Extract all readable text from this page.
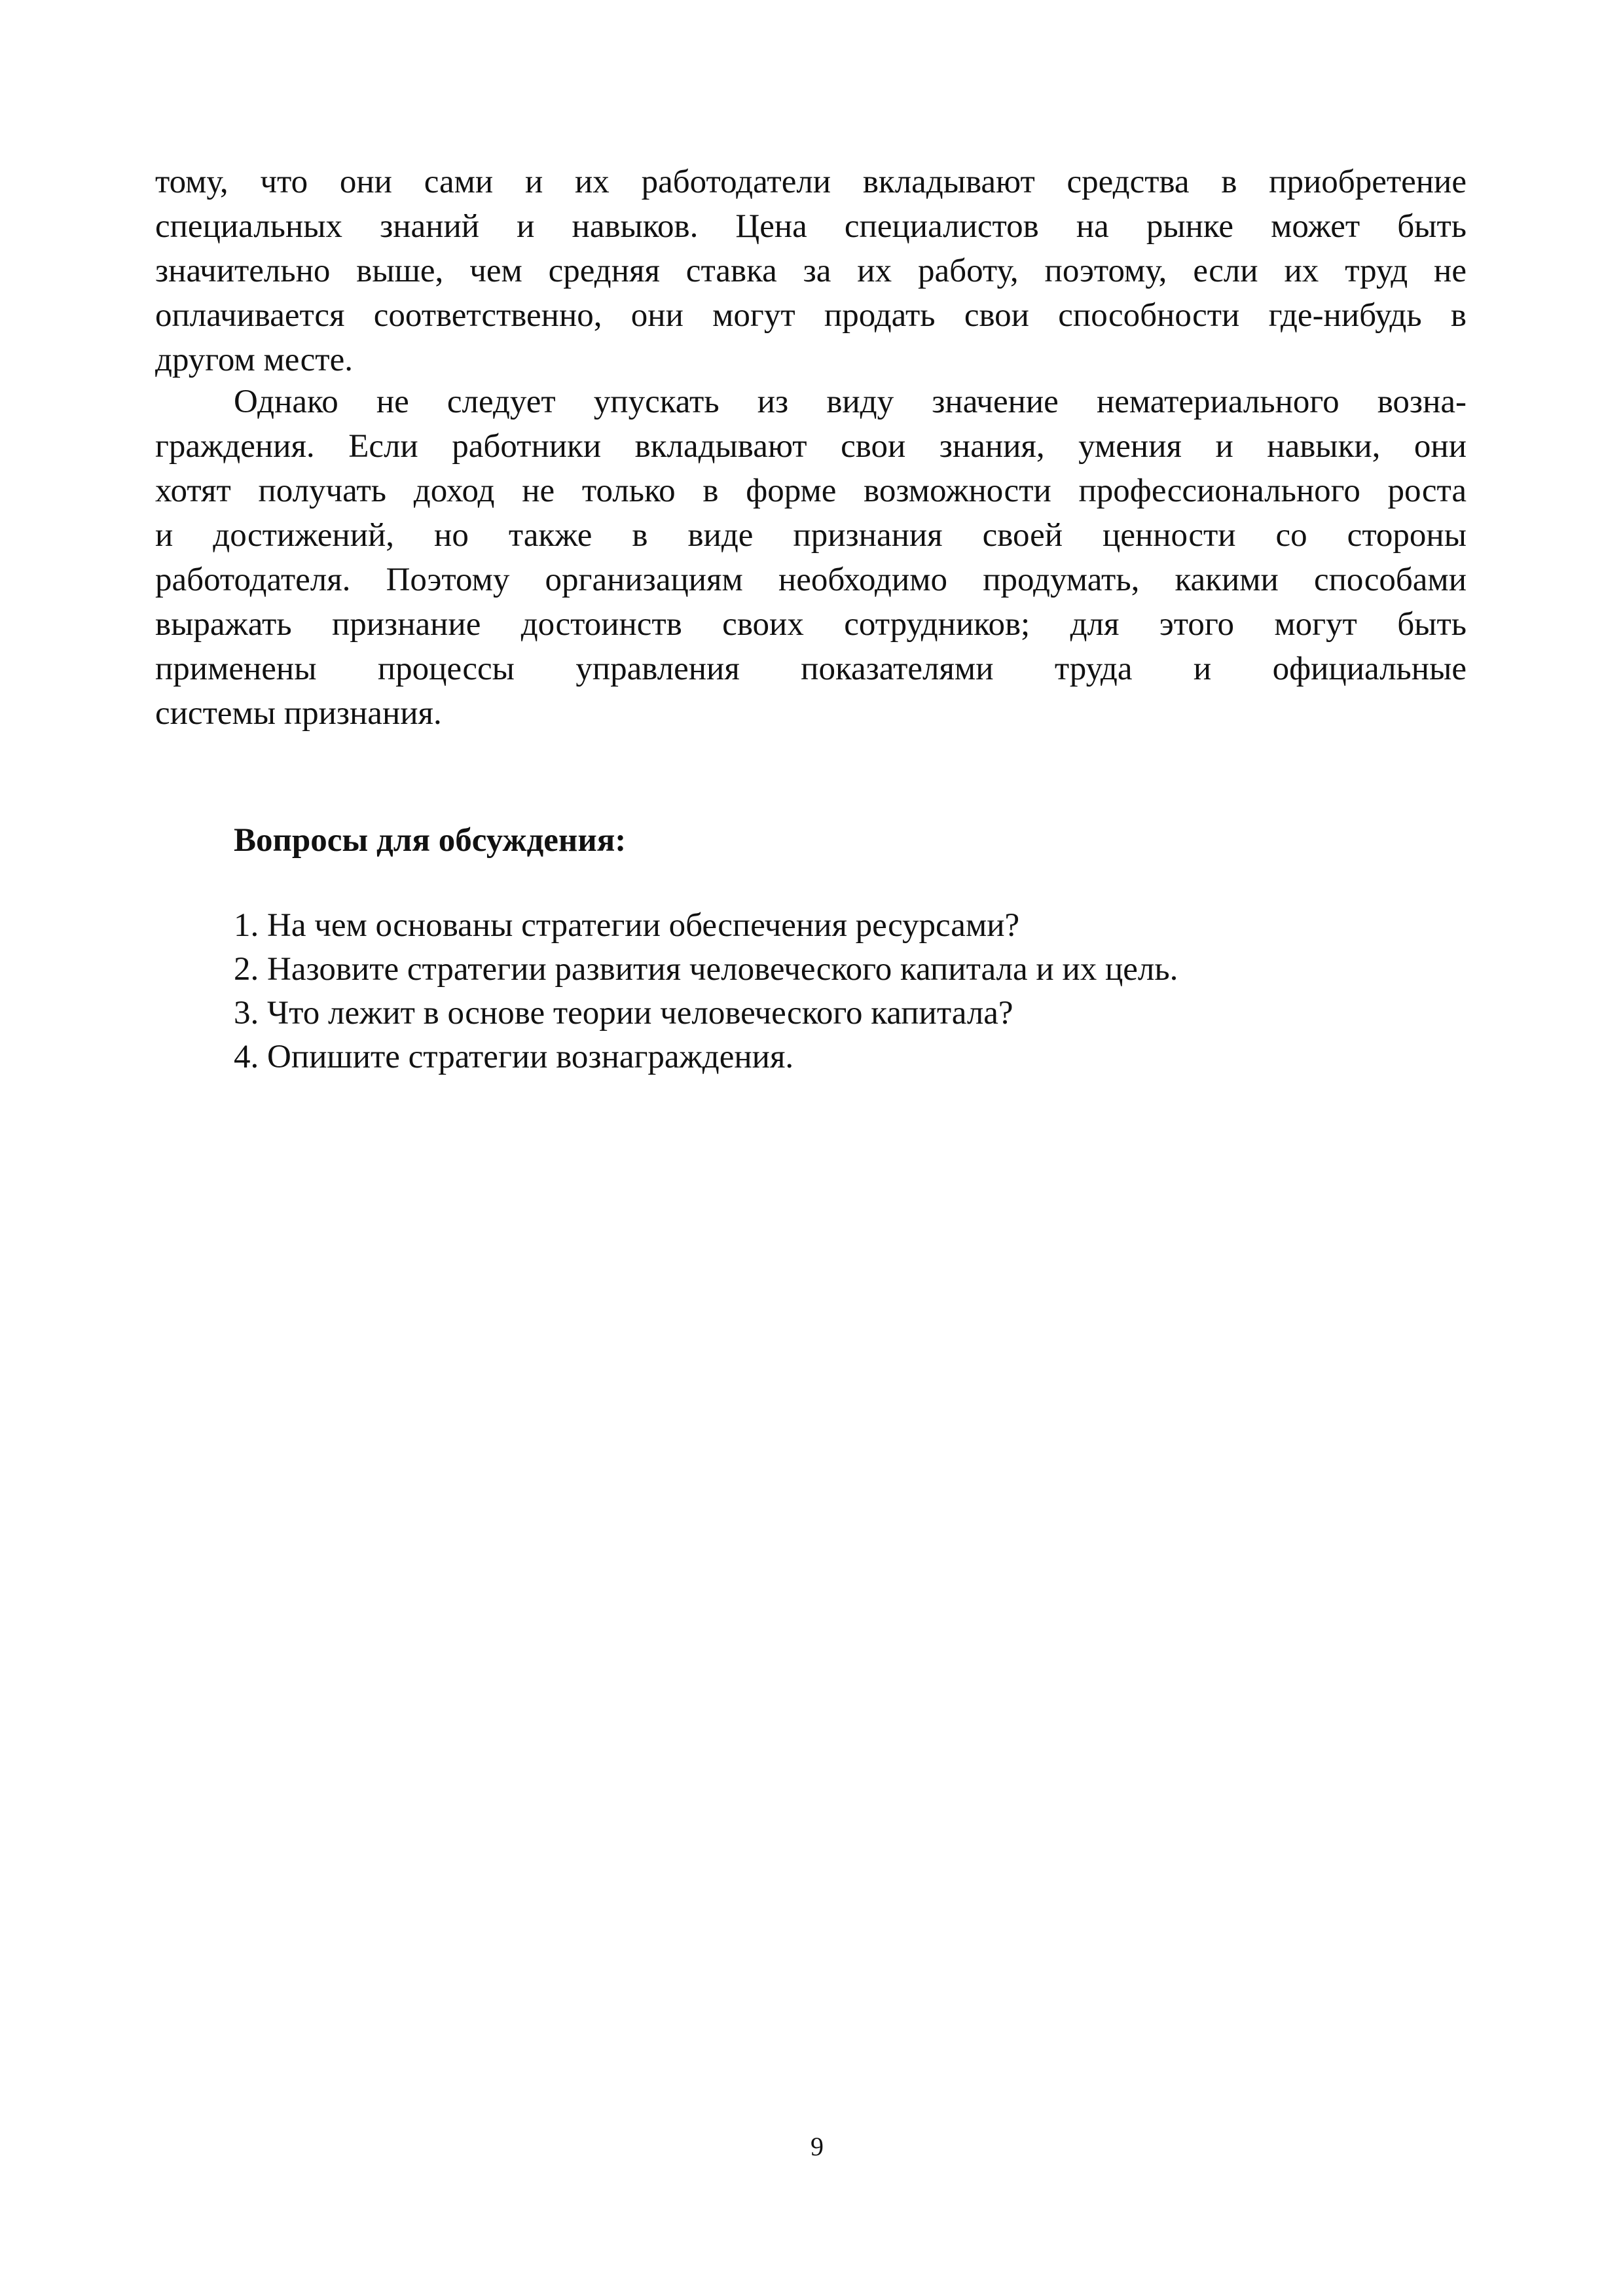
тому, что они сами и их работодатели вкладывают средства в приобретение
специальных знаний и навыков. Цена специалистов на рынке может быть
значительно выше, чем средняя ставка за их работу, поэтому, если их труд не
оплачивается соответственно, они могут продать свои способности где-нибудь в
другом месте.
Однако не следует упускать из виду значение нематериального возна-
граждения. Если работники вкладывают свои знания, умения и навыки, они
хотят получать доход не только в форме возможности профессионального роста
и достижений, но также в виде признания своей ценности со стороны
работодателя. Поэтому организациям необходимо продумать, какими способами
выражать признание достоинств своих сотрудников; для этого могут быть
применены процессы управления показателями труда и официальные
системы признания.
Вопросы для обсуждения:
1. На чем основаны стратегии обеспечения ресурсами?
2. Назовите стратегии развития человеческого капитала и их цель.
3. Что лежит в основе теории человеческого капитала?
4. Опишите стратегии вознаграждения.
9
